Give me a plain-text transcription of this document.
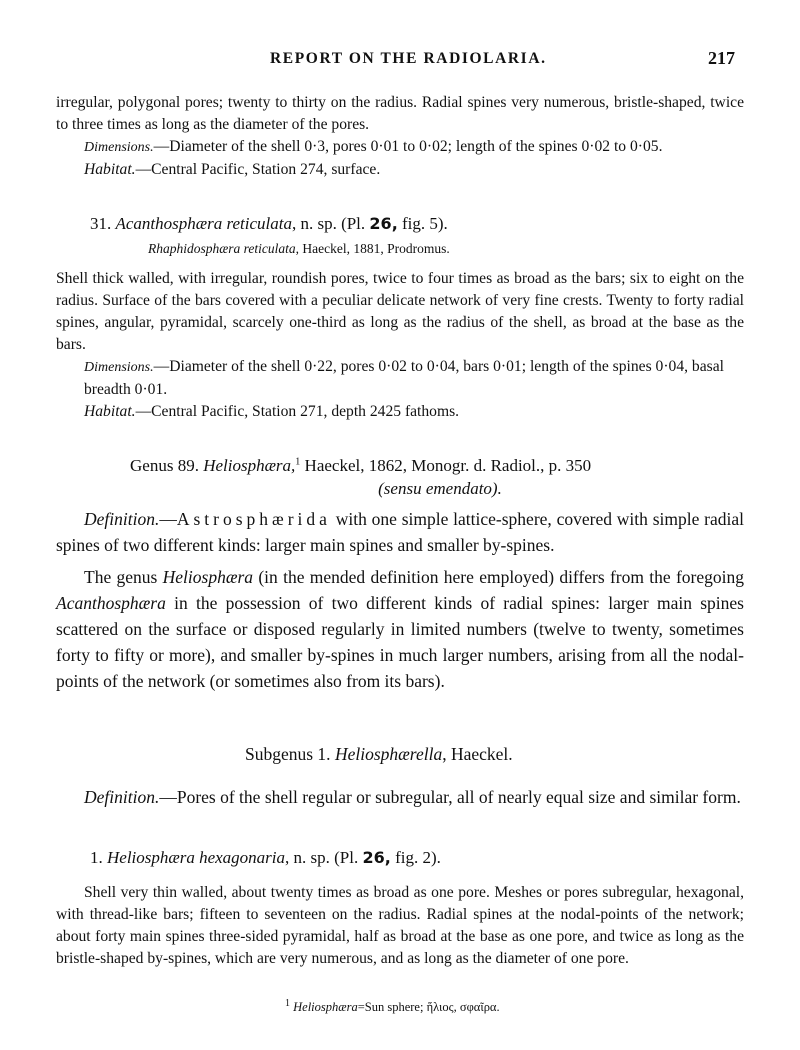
REPORT ON THE RADIOLARIA.	217

irregular, polygonal pores; twenty to thirty on the radius. Radial spines very numerous, bristle-shaped, twice to three times as long as the diameter of the pores.

Dimensions.—Diameter of the shell 0·3, pores 0·01 to 0·02; length of the spines 0·02 to 0·05.

Habitat.—Central Pacific, Station 274, surface.

31. Acanthosphæra reticulata, n. sp. (Pl. 26, fig. 5).
Rhaphidosphæra reticulata, Haeckel, 1881, Prodromus.

Shell thick walled, with irregular, roundish pores, twice to four times as broad as the bars; six to eight on the radius. Surface of the bars covered with a peculiar delicate network of very fine crests. Twenty to forty radial spines, angular, pyramidal, scarcely one-third as long as the radius of the shell, as broad at the base as the bars.

Dimensions.—Diameter of the shell 0·22, pores 0·02 to 0·04, bars 0·01; length of the spines 0·04, basal breadth 0·01.

Habitat.—Central Pacific, Station 271, depth 2425 fathoms.

Genus 89. Heliosphæra,$^1$ Haeckel, 1862, Monogr. d. Radiol., p. 350
(sensu emendato).

Definition.—Astrosphærida with one simple lattice-sphere, covered with simple radial spines of two different kinds: larger main spines and smaller by-spines.

The genus Heliosphæra (in the mended definition here employed) differs from the foregoing Acanthosphæra in the possession of two different kinds of radial spines: larger main spines scattered on the surface or disposed regularly in limited numbers (twelve to twenty, sometimes forty to fifty or more), and smaller by-spines in much larger numbers, arising from all the nodal-points of the network (or sometimes also from its bars).

Subgenus 1. Heliosphærella, Haeckel.

Definition.—Pores of the shell regular or subregular, all of nearly equal size and similar form.

1. Heliosphæra hexagonaria, n. sp. (Pl. 26, fig. 2).

Shell very thin walled, about twenty times as broad as one pore. Meshes or pores subregular, hexagonal, with thread-like bars; fifteen to seventeen on the radius. Radial spines at the nodal-points of the network; about forty main spines three-sided pyramidal, half as broad at the base as one pore, and twice as long as the bristle-shaped by-spines, which are very numerous, and as long as the diameter of one pore.

$^1$ Heliosphæra=Sun sphere; ἥλιος, σφαῖρα.
